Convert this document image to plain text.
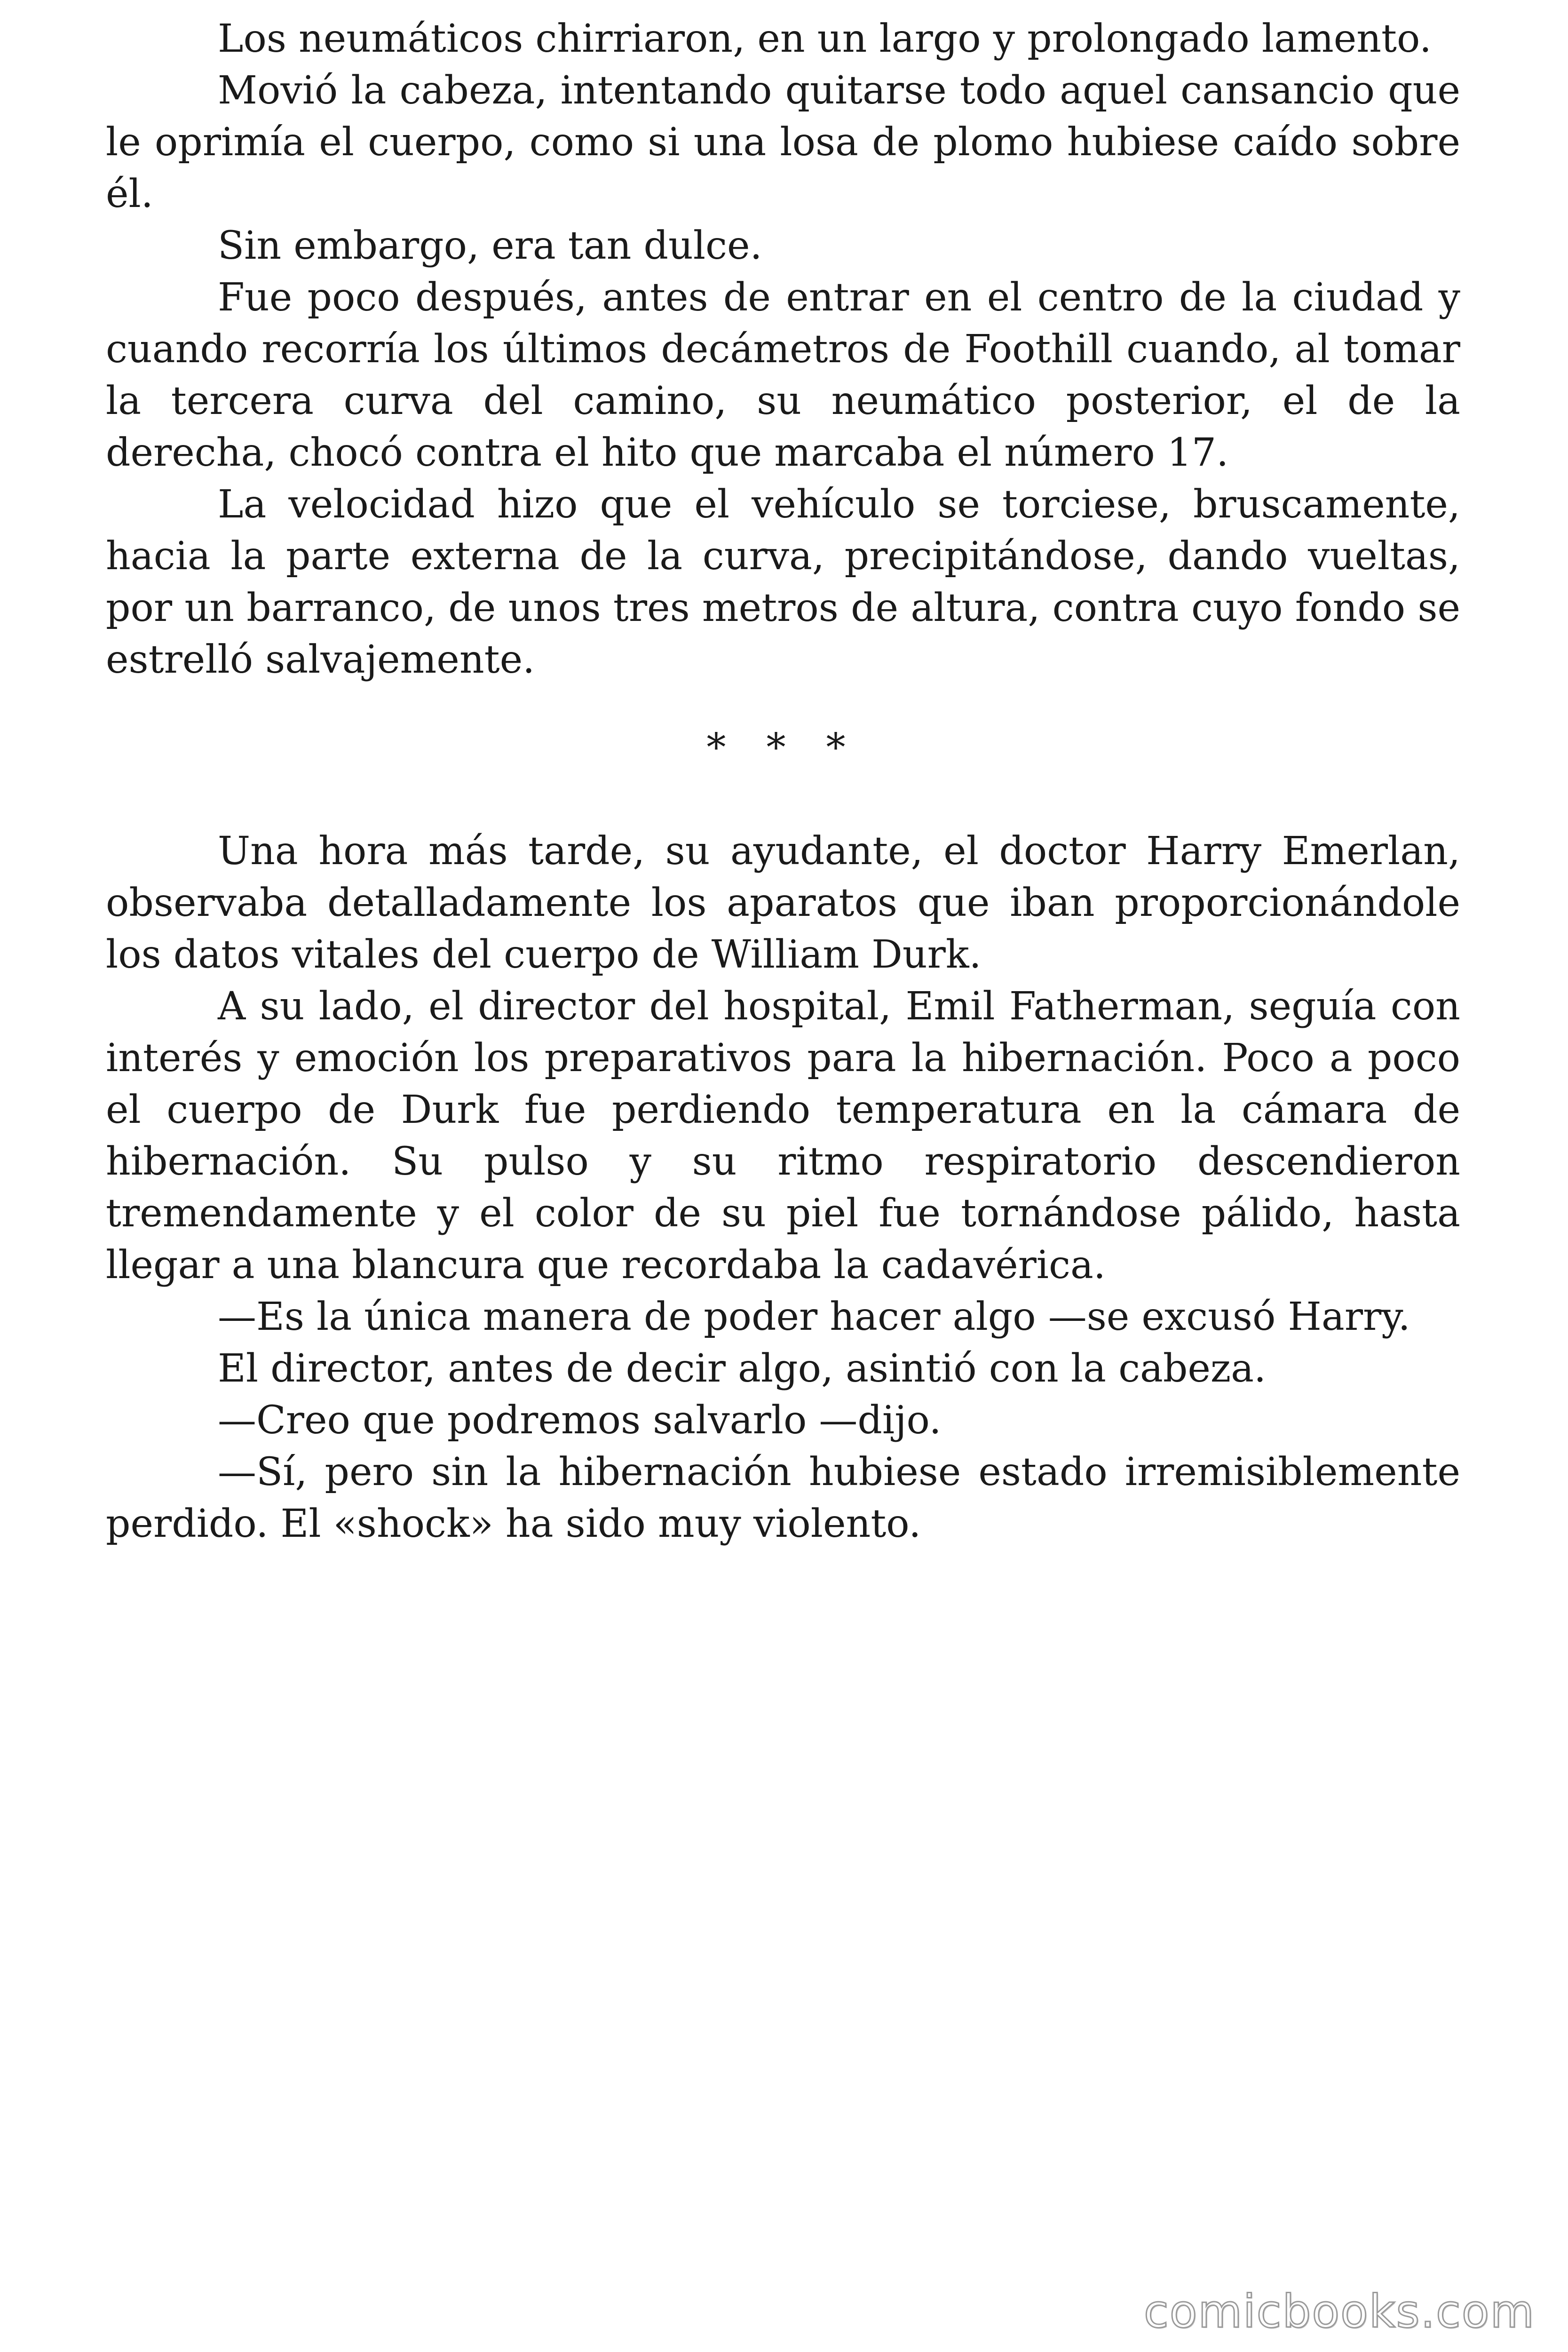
Los neumáticos chirriaron, en un largo y prolongado lamento.

Movió la cabeza, intentando quitarse todo aquel cansancio que le oprimía el cuerpo, como si una losa de plomo hubiese caído sobre él.

Sin embargo, era tan dulce.

Fue poco después, antes de entrar en el centro de la ciudad y cuando recorría los últimos decámetros de Foothill cuando, al tomar la tercera curva del camino, su neumático posterior, el de la derecha, chocó contra el hito que marcaba el número 17.

La velocidad hizo que el vehículo se torciese, bruscamente, hacia la parte externa de la curva, precipitándose, dando vueltas, por un barranco, de unos tres metros de altura, contra cuyo fondo se estrelló salvajemente.

* * *

Una hora más tarde, su ayudante, el doctor Harry Emerlan, observaba detalladamente los aparatos que iban proporcionándole los datos vitales del cuerpo de William Durk.

A su lado, el director del hospital, Emil Fatherman, seguía con interés y emoción los preparativos para la hibernación. Poco a poco el cuerpo de Durk fue perdiendo temperatura en la cámara de hibernación. Su pulso y su ritmo respiratorio descendieron tremendamente y el color de su piel fue tornándose pálido, hasta llegar a una blancura que recordaba la cadavérica.

—Es la única manera de poder hacer algo —se excusó Harry.

El director, antes de decir algo, asintió con la cabeza.

—Creo que podremos salvarlo —dijo.

—Sí, pero sin la hibernación hubiese estado irremisiblemente perdido. El «shock» ha sido muy violento.

comicbooks.com
